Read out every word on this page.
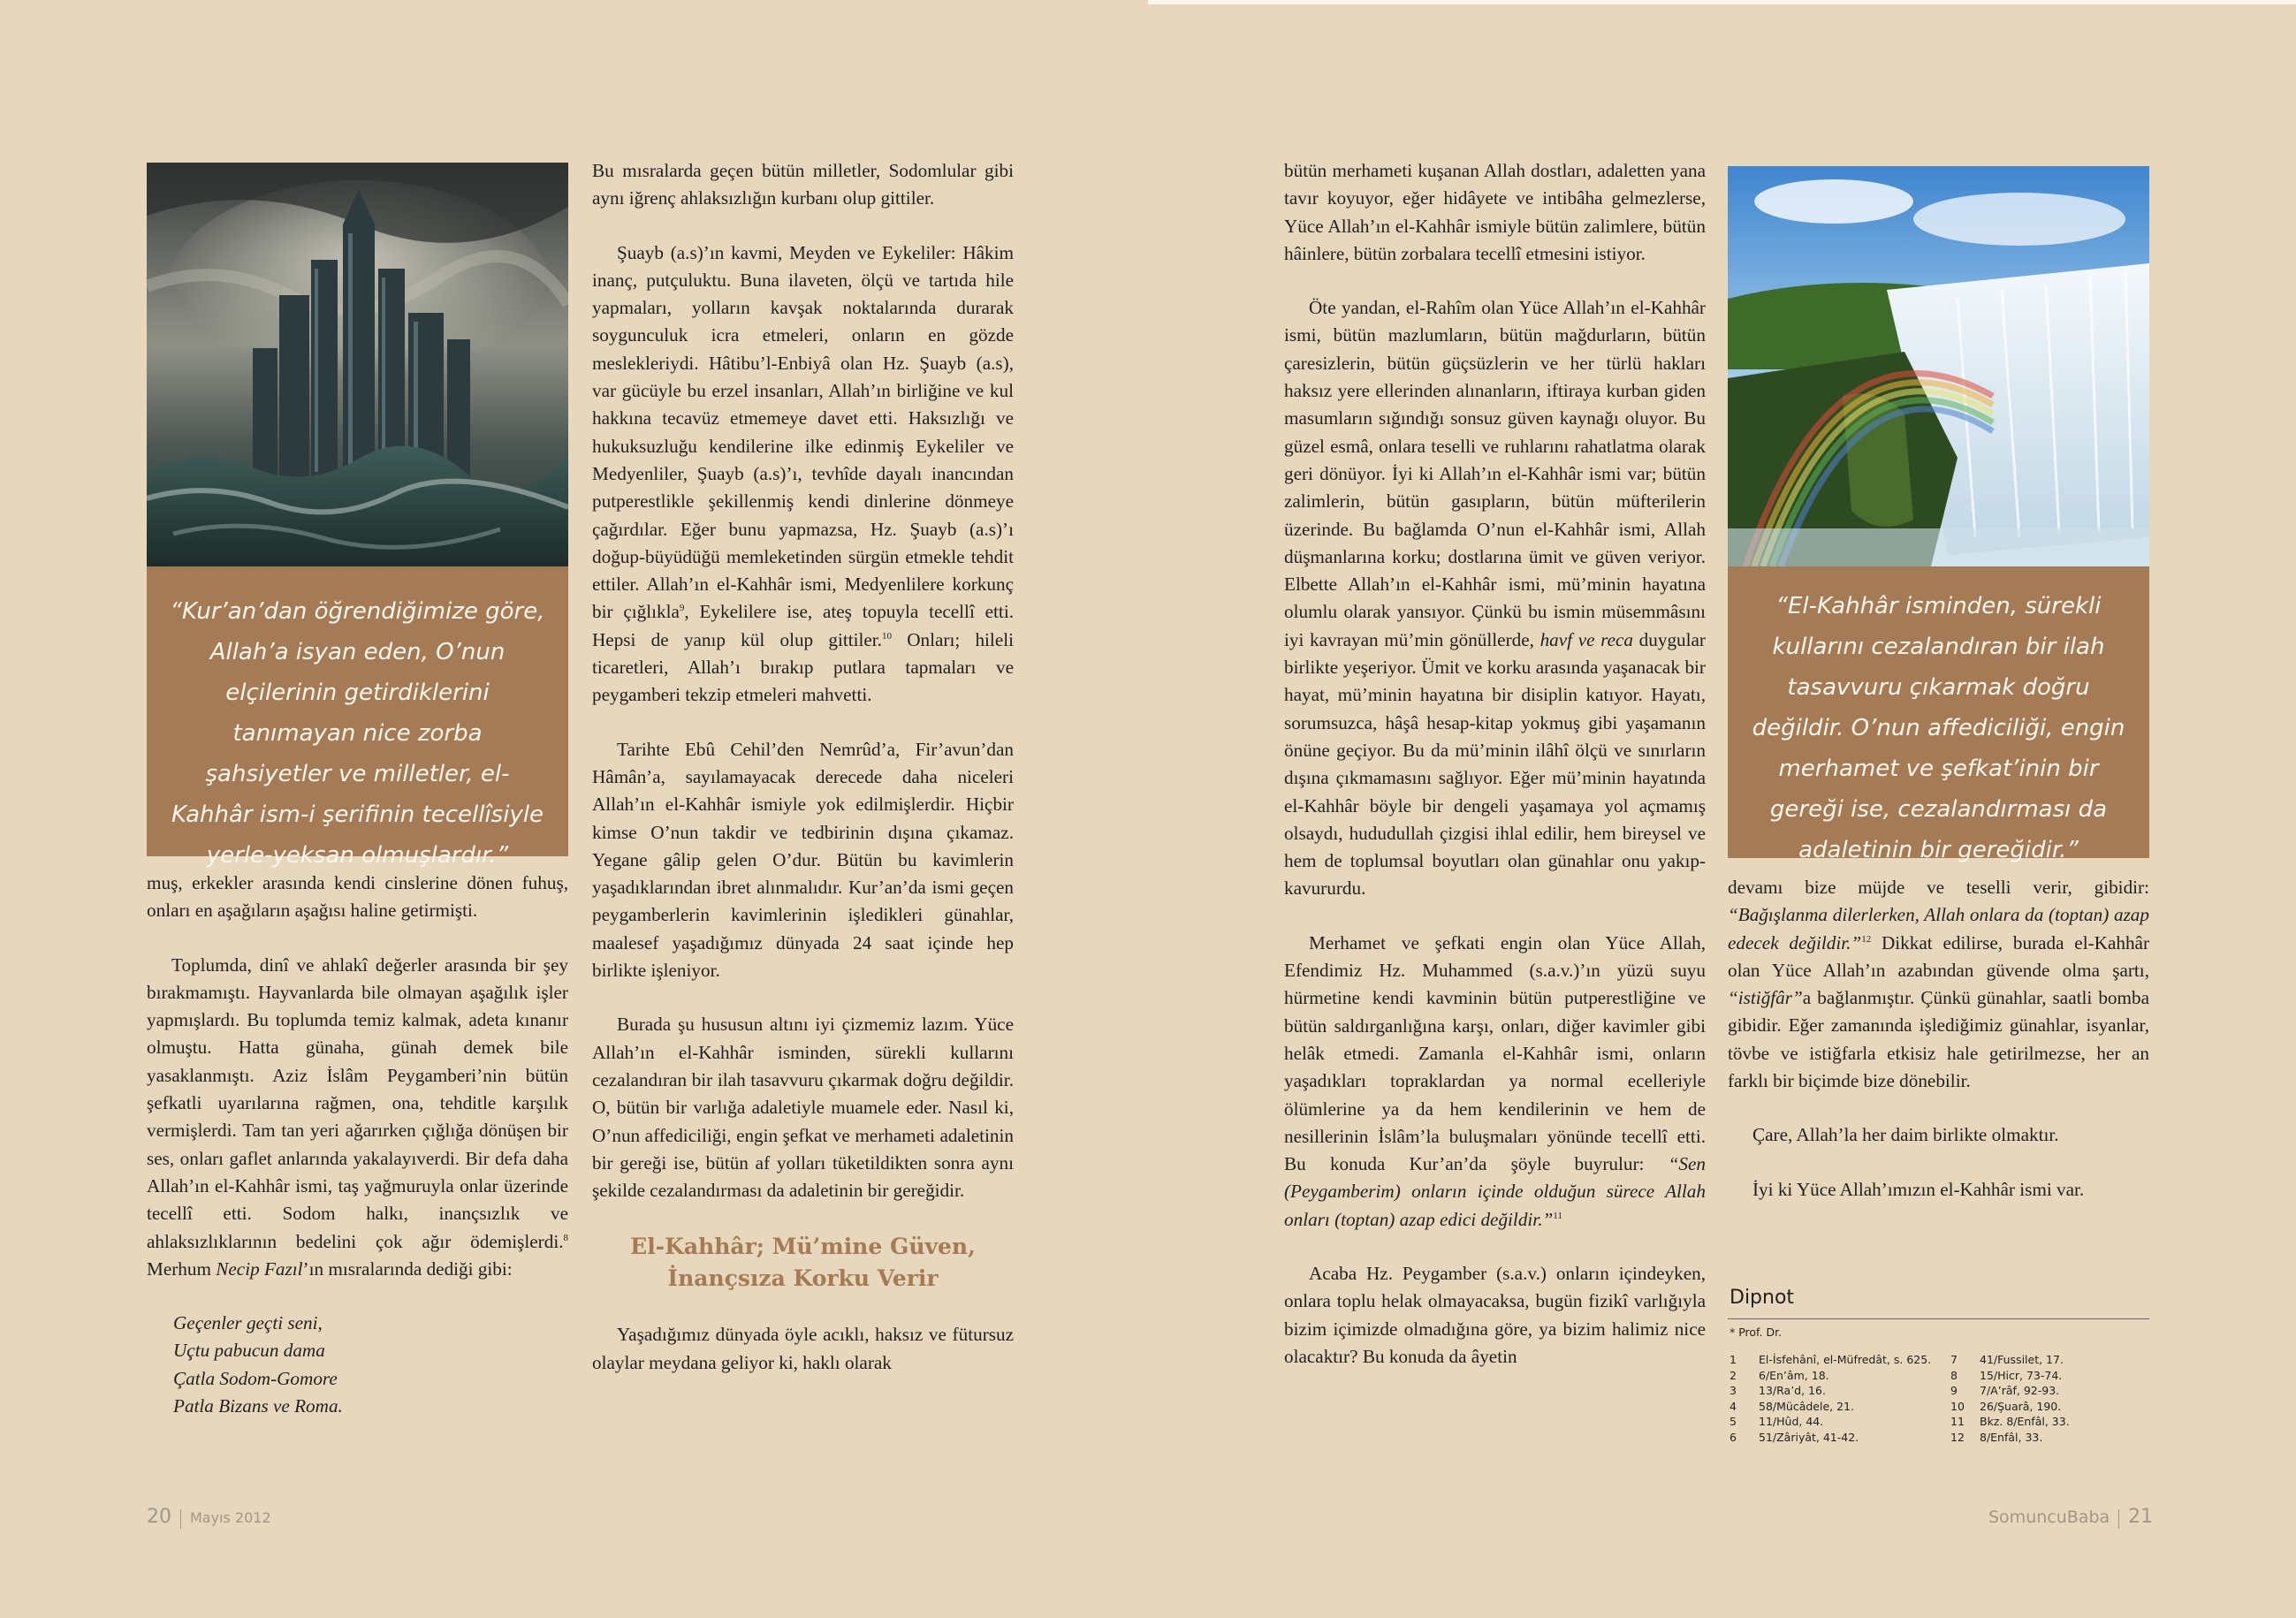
“Kur’an’dan öğrendiğimize göre, Allah’a isyan eden, O’nun elçilerinin getirdiklerini tanımayan nice zorba şahsiyetler ve milletler, el-Kahhâr ism-i şerifinin tecellîsiyle yerle-yeksan olmuşlardır.”

muş, erkekler arasında kendi cinslerine dönen fuhuş, onları en aşağıların aşağısı haline getirmişti.

Toplumda, dinî ve ahlakî değerler arasında bir şey bırakmamıştı. Hayvanlarda bile olmayan aşağılık işler yapmışlardı. Bu toplumda temiz kalmak, adeta kınanır olmuştu. Hatta günaha, günah demek bile yasaklanmıştı. Aziz İslâm Peygamberi’nin bütün şefkatli uyarılarına rağmen, ona, tehditle karşılık vermişlerdi. Tam tan yeri ağarırken çığlığa dönüşen bir ses, onları gaflet anlarında yakalayıverdi. Bir defa daha Allah’ın el-Kahhâr ismi, taş yağmuruyla onlar üzerinde tecellî etti. Sodom halkı, inançsızlık ve ahlaksızlıklarının bedelini çok ağır ödemişlerdi.$^8$ Merhum Necip Fazıl’ın mısralarında dediği gibi:

Geçenler geçti seni,

Uçtu pabucun dama

Çatla Sodom-Gomore

Patla Bizans ve Roma.

Bu mısralarda geçen bütün milletler, Sodomlular gibi aynı iğrenç ahlaksızlığın kurbanı olup gittiler.

Şuayb (a.s)’ın kavmi, Meyden ve Eykeliler: Hâkim inanç, putçuluktu. Buna ilaveten, ölçü ve tartıda hile yapmaları, yolların kavşak noktalarında durarak soygunculuk icra etmeleri, onların en gözde meslekleriydi. Hâtibu’l-Enbiyâ olan Hz. Şuayb (a.s), var gücüyle bu erzel insanları, Allah’ın birliğine ve kul hakkına tecavüz etmemeye davet etti. Haksızlığı ve hukuksuzluğu kendilerine ilke edinmiş Eykeliler ve Medyenliler, Şuayb (a.s)’ı, tevhîde dayalı inancından putperestlikle şekillenmiş kendi dinlerine dönmeye çağırdılar. Eğer bunu yapmazsa, Hz. Şuayb (a.s)’ı doğup-büyüdüğü memleketinden sürgün etmekle tehdit ettiler. Allah’ın el-Kahhâr ismi, Medyenlilere korkunç bir çığlıkla$^9$, Eykelilere ise, ateş topuyla tecellî etti. Hepsi de yanıp kül olup gittiler.$^{10}$ Onları; hileli ticaretleri, Allah’ı bırakıp putlara tapmaları ve peygamberi tekzip etmeleri mahvetti.

Tarihte Ebû Cehil’den Nemrûd’a, Fir’avun’dan Hâmân’a, sayılamayacak derecede daha niceleri Allah’ın el-Kahhâr ismiyle yok edilmişlerdir. Hiçbir kimse O’nun takdir ve tedbirinin dışına çıkamaz. Yegane gâlip gelen O’dur. Bütün bu kavimlerin yaşadıklarından ibret alınmalıdır. Kur’an’da ismi geçen peygamberlerin kavimlerinin işledikleri günahlar, maalesef yaşadığımız dünyada 24 saat içinde hep birlikte işleniyor.

Burada şu hususun altını iyi çizmemiz lazım. Yüce Allah’ın el-Kahhâr isminden, sürekli kullarını cezalandıran bir ilah tasavvuru çıkarmak doğru değildir. O, bütün bir varlığa adaletiyle muamele eder. Nasıl ki, O’nun affediciliği, engin şefkat ve merhameti adaletinin bir gereği ise, bütün af yolları tüketildikten sonra aynı şekilde cezalandırması da adaletinin bir gereğidir.

El-Kahhâr; Mü’mine Güven,
İnançsıza Korku Verir

Yaşadığımız dünyada öyle acıklı, haksız ve fütursuz olaylar meydana geliyor ki, haklı olarak

20 Mayıs 2012

bütün merhameti kuşanan Allah dostları, adaletten yana tavır koyuyor, eğer hidâyete ve intibâha gelmezlerse, Yüce Allah’ın el-Kahhâr ismiyle bütün zalimlere, bütün hâinlere, bütün zorbalara tecellî etmesini istiyor.

Öte yandan, el-Rahîm olan Yüce Allah’ın el-Kahhâr ismi, bütün mazlumların, bütün mağdurların, bütün çaresizlerin, bütün güçsüzlerin ve her türlü hakları haksız yere ellerinden alınanların, iftiraya kurban giden masumların sığındığı sonsuz güven kaynağı oluyor. Bu güzel esmâ, onlara teselli ve ruhlarını rahatlatma olarak geri dönüyor. İyi ki Allah’ın el-Kahhâr ismi var; bütün zalimlerin, bütün gasıpların, bütün müfterilerin üzerinde. Bu bağlamda O’nun el-Kahhâr ismi, Allah düşmanlarına korku; dostlarına ümit ve güven veriyor. Elbette Allah’ın el-Kahhâr ismi, mü’minin hayatına olumlu olarak yansıyor. Çünkü bu ismin müsemmâsını iyi kavrayan mü’min gönüllerde, havf ve reca duygular birlikte yeşeriyor. Ümit ve korku arasında yaşanacak bir hayat, mü’minin hayatına bir disiplin katıyor. Hayatı, sorumsuzca, hâşâ hesap-kitap yokmuş gibi yaşamanın önüne geçiyor. Bu da mü’minin ilâhî ölçü ve sınırların dışına çıkmamasını sağlıyor. Eğer mü’minin hayatında el-Kahhâr böyle bir dengeli yaşamaya yol açmamış olsaydı, hududullah çizgisi ihlal edilir, hem bireysel ve hem de toplumsal boyutları olan günahlar onu yakıp-kavururdu.

Merhamet ve şefkati engin olan Yüce Allah, Efendimiz Hz. Muhammed (s.a.v.)’ın yüzü suyu hürmetine kendi kavminin bütün putperestliğine ve bütün saldırganlığına karşı, onları, diğer kavimler gibi helâk etmedi. Zamanla el-Kahhâr ismi, onların yaşadıkları topraklardan ya normal ecelleriyle ölümlerine ya da hem kendilerinin ve hem de nesillerinin İslâm’la buluşmaları yönünde tecellî etti. Bu konuda Kur’an’da şöyle buyrulur: “Sen (Peygamberim) onların içinde olduğun sürece Allah onları (toptan) azap edici değildir.”$^{11}$

Acaba Hz. Peygamber (s.a.v.) onların içindeyken, onlara toplu helak olmayacaksa, bugün fizikî varlığıyla bizim içimizde olmadığına göre, ya bizim halimiz nice olacaktır? Bu konuda da âyetin

“El-Kahhâr isminden, sürekli kullarını cezalandıran bir ilah tasavvuru çıkarmak doğru değildir. O’nun affediciliği, engin merhamet ve şefkat’inin bir gereği ise, cezalandırması da adaletinin bir gereğidir.”

devamı bize müjde ve teselli verir, gibidir: “Bağışlanma dilerlerken, Allah onlara da (toptan) azap edecek değildir.”$^{12}$ Dikkat edilirse, burada el-Kahhâr olan Yüce Allah’ın azabından güvende olma şartı, “istiğfâr”a bağlanmıştır. Çünkü günahlar, saatli bomba gibidir. Eğer zamanında işlediğimiz günahlar, isyanlar, tövbe ve istiğfarla etkisiz hale getirilmezse, her an farklı bir biçimde bize dönebilir.

Çare, Allah’la her daim birlikte olmaktır.

İyi ki Yüce Allah’ımızın el-Kahhâr ismi var.

Dipnot
* Prof. Dr.
1 El-İsfehânî, el-Müfredât, s. 625.
2 6/En’âm, 18.
3 13/Ra’d, 16.
4 58/Mücâdele, 21.
5 11/Hûd, 44.
6 51/Zâriyât, 41-42.
7 41/Fussilet, 17.
8 15/Hicr, 73-74.
9 7/A’râf, 92-93.
10 26/Şuarâ, 190.
11 Bkz. 8/Enfâl, 33.
12 8/Enfâl, 33.
SomuncuBaba 21
